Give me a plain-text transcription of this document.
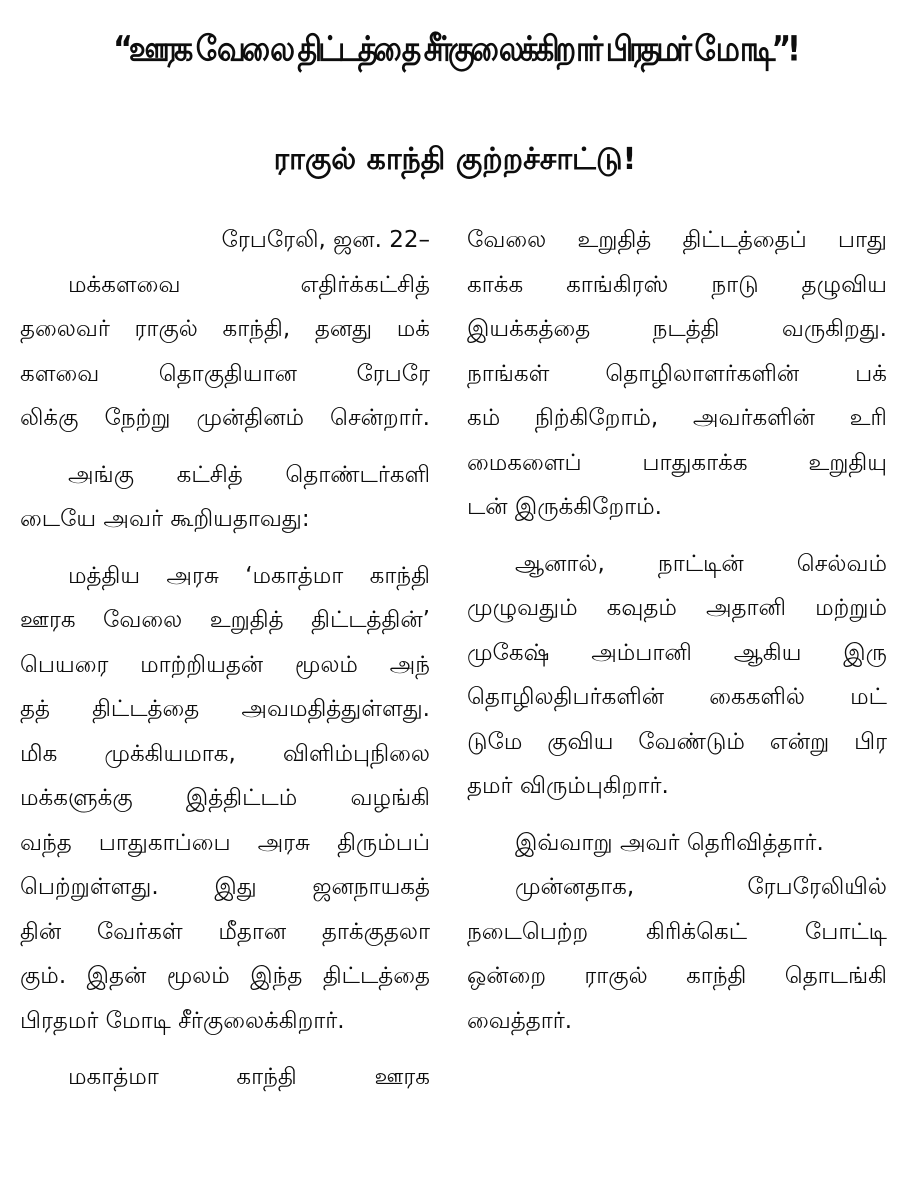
“ஊரக வேலை திட்டத்தை சீர்குலைக்கிறார் பிரதமர் மோடி”!
ராகுல் காந்தி குற்றச்சாட்டு!
ரேபரேலி, ஜன. 22–
மக்களவை எதிர்க்கட்சித்
தலைவர் ராகுல் காந்தி, தனது மக்
களவை தொகுதியான ரேபரே
லிக்கு நேற்று முன்தினம் சென்றார்.
அங்கு கட்சித் தொண்டர்களி
டையே அவர் கூறியதாவது:
மத்திய அரசு ‘மகாத்மா காந்தி
ஊரக வேலை உறுதித் திட்டத்தின்’
பெயரை மாற்றியதன் மூலம் அந்
தத் திட்டத்தை அவமதித்துள்ளது.
மிக முக்கியமாக, விளிம்புநிலை
மக்களுக்கு இத்திட்டம் வழங்கி
வந்த பாதுகாப்பை அரசு திரும்பப்
பெற்றுள்ளது. இது ஜனநாயகத்
தின் வேர்கள் மீதான தாக்குதலா
கும். இதன் மூலம் இந்த திட்டத்தை
பிரதமர் மோடி சீர்குலைக்கிறார்.
மகாத்மா காந்தி ஊரக
வேலை உறுதித் திட்டத்தைப் பாது
காக்க காங்கிரஸ் நாடு தழுவிய
இயக்கத்தை நடத்தி வருகிறது.
நாங்கள் தொழிலாளர்களின் பக்
கம் நிற்கிறோம், அவர்களின் உரி
மைகளைப் பாதுகாக்க உறுதியு
டன் இருக்கிறோம்.
ஆனால், நாட்டின் செல்வம்
முழுவதும் கவுதம் அதானி மற்றும்
முகேஷ் அம்பானி ஆகிய இரு
தொழிலதிபர்களின் கைகளில் மட்
டுமே குவிய வேண்டும் என்று பிர
தமர் விரும்புகிறார்.
இவ்வாறு அவர் தெரிவித்தார்.
முன்னதாக, ரேபரேலியில்
நடைபெற்ற கிரிக்கெட் போட்டி
ஒன்றை ராகுல் காந்தி தொடங்கி
வைத்தார்.
